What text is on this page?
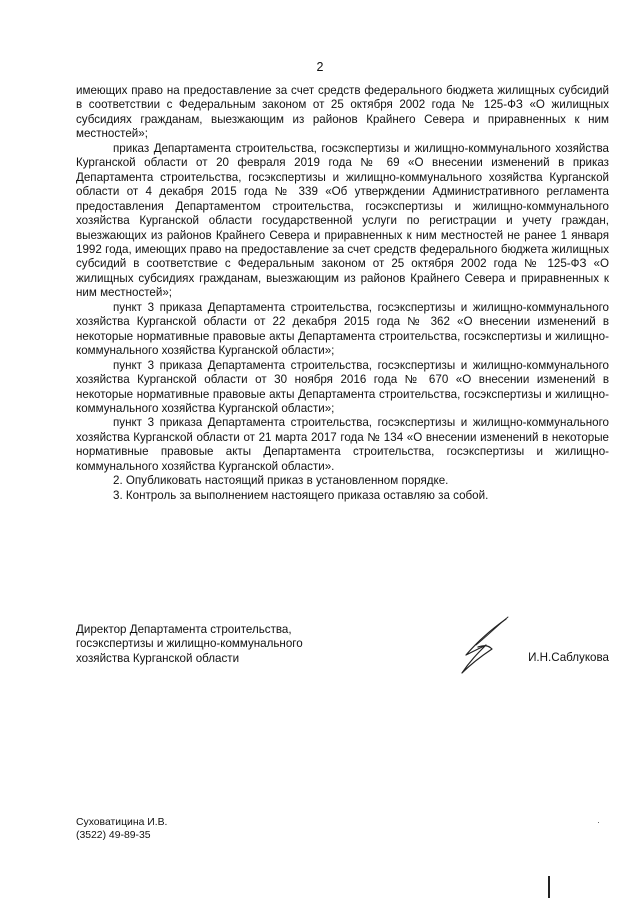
2

имеющих право на предоставление за счет средств федерального бюджета жилищных субсидий в соответствии с Федеральным законом от 25 октября 2002 года № 125-ФЗ «О жилищных субсидиях гражданам, выезжающим из районов Крайнего Севера и приравненных к ним местностей»;

приказ Департамента строительства, госэкспертизы и жилищно-коммунального хозяйства Курганской области от 20 февраля 2019 года № 69 «О внесении изменений в приказ Департамента строительства, госэкспертизы и жилищно-коммунального хозяйства Курганской области от 4 декабря 2015 года № 339 «Об утверждении Административного регламента предоставления Департаментом строительства, госэкспертизы и жилищно-коммунального хозяйства Курганской области государственной услуги по регистрации и учету граждан, выезжающих из районов Крайнего Севера и приравненных к ним местностей не ранее 1 января 1992 года, имеющих право на предоставление за счет средств федерального бюджета жилищных субсидий в соответствие с Федеральным законом от 25 октября 2002 года № 125-ФЗ «О жилищных субсидиях гражданам, выезжающим из районов Крайнего Севера и приравненных к ним местностей»;

пункт 3 приказа Департамента строительства, госэкспертизы и жилищно-коммунального хозяйства Курганской области от 22 декабря 2015 года № 362 «О внесении изменений в некоторые нормативные правовые акты Департамента строительства, госэкспертизы и жилищно-коммунального хозяйства Курганской области»;

пункт 3 приказа Департамента строительства, госэкспертизы и жилищно-коммунального хозяйства Курганской области от 30 ноября 2016 года № 670 «О внесении изменений в некоторые нормативные правовые акты Департамента строительства, госэкспертизы и жилищно-коммунального хозяйства Курганской области»;

пункт 3 приказа Департамента строительства, госэкспертизы и жилищно-коммунального хозяйства Курганской области от 21 марта 2017 года № 134 «О внесении изменений в некоторые нормативные правовые акты Департамента строительства, госэкспертизы и жилищно-коммунального хозяйства Курганской области».

2. Опубликовать настоящий приказ в установленном порядке.

3. Контроль за выполнением настоящего приказа оставляю за собой.

Директор Департамента строительства,
госэкспертизы и жилищно-коммунального
хозяйства Курганской области	И.Н.Саблукова
Суховатицина И.В.
(3522) 49-89-35
